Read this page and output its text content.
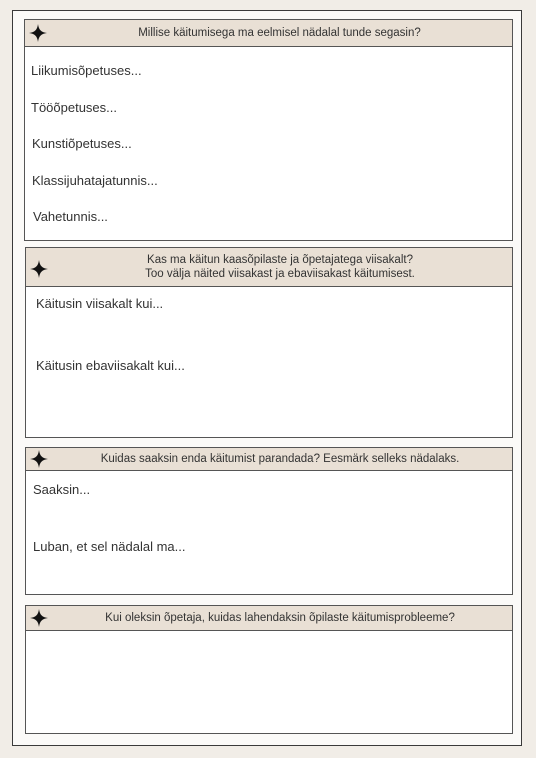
Millise käitumisega ma eelmisel nädalal tunde segasin?
Liikumisõpetuses...
Tööõpetuses...
Kunstiõpetuses...
Klassijuhatajatunnis...
Vahetunnis...
Kas ma käitun kaasõpilaste ja õpetajatega viisakalt?
Too välja näited viisakast ja ebaviisakast käitumisest.
Käitusin viisakalt kui...
Käitusin ebaviisakalt kui...
Kuidas saaksin enda käitumist parandada? Eesmärk selleks nädalaks.
Saaksin...
Luban, et sel nädalal ma...
Kui oleksin õpetaja, kuidas lahendaksin õpilaste käitumisprobleeme?
